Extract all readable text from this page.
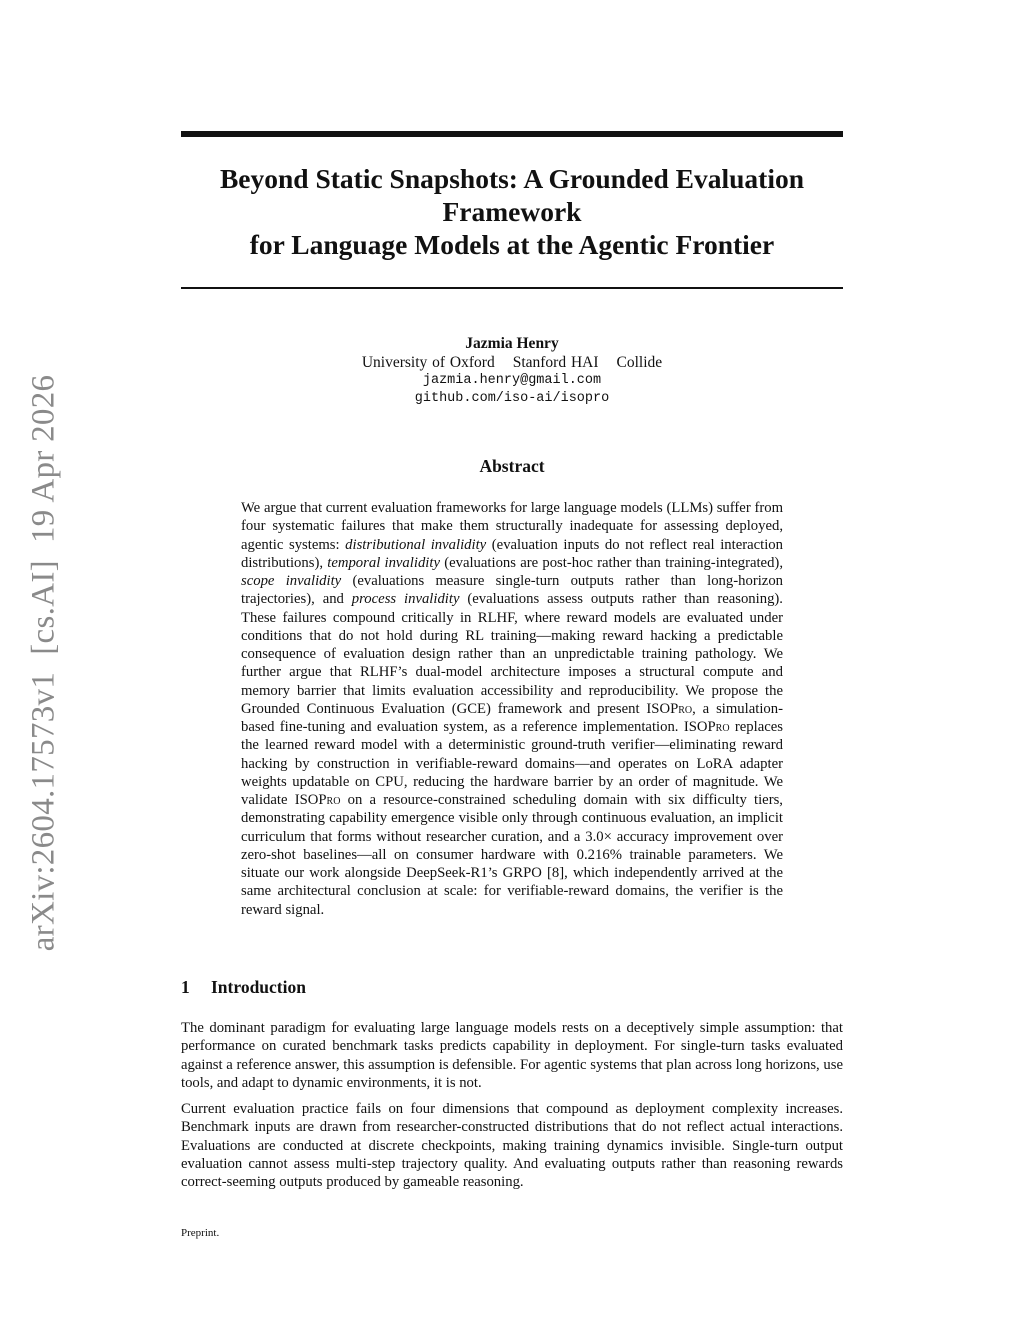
arXiv:2604.17573v1  [cs.AI]  19 Apr 2026
Beyond Static Snapshots: A Grounded Evaluation
Framework
for Language Models at the Agentic Frontier
Jazmia Henry
University of Oxford Stanford HAI Collide
jazmia.henry@gmail.com
github.com/iso-ai/isopro
Abstract
We argue that current evaluation frameworks for large language models (LLMs) suffer from four systematic failures that make them structurally inadequate for assessing deployed, agentic systems: distributional invalidity (evaluation inputs do not reflect real interaction distributions), temporal invalidity (evaluations are post-hoc rather than training-integrated), scope invalidity (evaluations measure single-turn outputs rather than long-horizon trajectories), and process invalidity (evaluations assess outputs rather than reasoning). These failures compound critically in RLHF, where reward models are evaluated under conditions that do not hold during RL training—making reward hacking a predictable consequence of evaluation design rather than an unpredictable training pathology. We further argue that RLHF’s dual-model architecture imposes a structural compute and memory barrier that limits evaluation accessibility and reproducibility. We propose the Grounded Continuous Evaluation (GCE) framework and present ISOPro, a simulation-based fine-tuning and evaluation system, as a reference implementation. ISOPro replaces the learned reward model with a deterministic ground-truth verifier—eliminating reward hacking by construction in verifiable-reward domains—and operates on LoRA adapter weights updatable on CPU, reducing the hardware barrier by an order of magnitude. We validate ISOPro on a resource-constrained scheduling domain with six difficulty tiers, demonstrating capability emergence visible only through continuous evaluation, an implicit curriculum that forms without researcher curation, and a 3.0× accuracy improvement over zero-shot baselines—all on consumer hardware with 0.216% trainable parameters. We situate our work alongside DeepSeek-R1’s GRPO [8], which independently arrived at the same architectural conclusion at scale: for verifiable-reward domains, the verifier is the reward signal.
1 Introduction

The dominant paradigm for evaluating large language models rests on a deceptively simple assumption: that performance on curated benchmark tasks predicts capability in deployment. For single-turn tasks evaluated against a reference answer, this assumption is defensible. For agentic systems that plan across long horizons, use tools, and adapt to dynamic environments, it is not.

Current evaluation practice fails on four dimensions that compound as deployment complexity increases. Benchmark inputs are drawn from researcher-constructed distributions that do not reflect actual interactions. Evaluations are conducted at discrete checkpoints, making training dynamics invisible. Single-turn output evaluation cannot assess multi-step trajectory quality. And evaluating outputs rather than reasoning rewards correct-seeming outputs produced by gameable reasoning.

Preprint.
